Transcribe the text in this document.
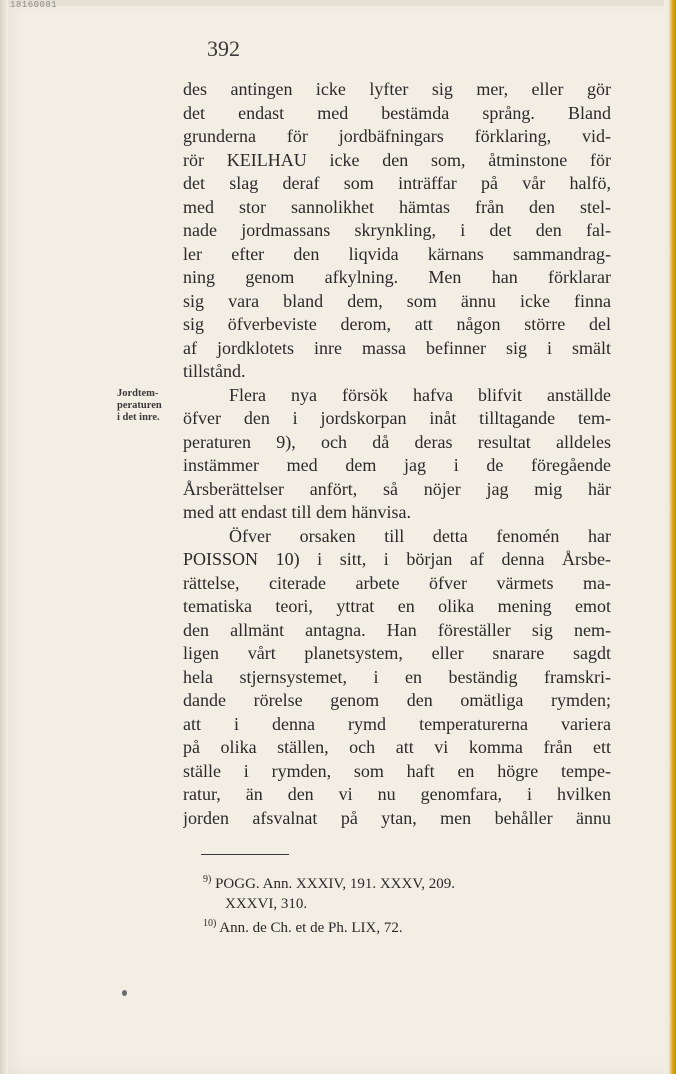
18160081
392
Jordtem-
peraturen
i det inre.
des antingen icke lyfter sig mer, eller gör
det endast med bestämda språng. Bland
grunderna för jordbäfningars förklaring, vid-
rör KEILHAU icke den som, åtminstone för
det slag deraf som inträffar på vår halfö,
med stor sannolikhet hämtas från den stel-
nade jordmassans skrynkling, i det den fal-
ler efter den liqvida kärnans sammandrag-
ning genom afkylning. Men han förklarar
sig vara bland dem, som ännu icke finna
sig öfverbeviste derom, att någon större del
af jordklotets inre massa befinner sig i smält
tillstånd.
Flera nya försök hafva blifvit anställde
öfver den i jordskorpan inåt tilltagande tem-
peraturen 9), och då deras resultat alldeles
instämmer med dem jag i de föregående
Årsberättelser anfört, så nöjer jag mig här
med att endast till dem hänvisa.
Öfver orsaken till detta fenomén har
POISSON 10) i sitt, i början af denna Årsbe-
rättelse, citerade arbete öfver värmets ma-
tematiska teori, yttrat en olika mening emot
den allmänt antagna. Han föreställer sig nem-
ligen vårt planetsystem, eller snarare sagdt
hela stjernsystemet, i en beständig framskri-
dande rörelse genom den omätliga rymden;
att i denna rymd temperaturerna variera
på olika ställen, och att vi komma från ett
ställe i rymden, som haft en högre tempe-
ratur, än den vi nu genomfara, i hvilken
jorden afsvalnat på ytan, men behåller ännu
$^{9)}$ POGG. Ann. XXXIV, 191. XXXV, 209.
XXXVI, 310.
$^{10)}$ Ann. de Ch. et de Ph. LIX, 72.
